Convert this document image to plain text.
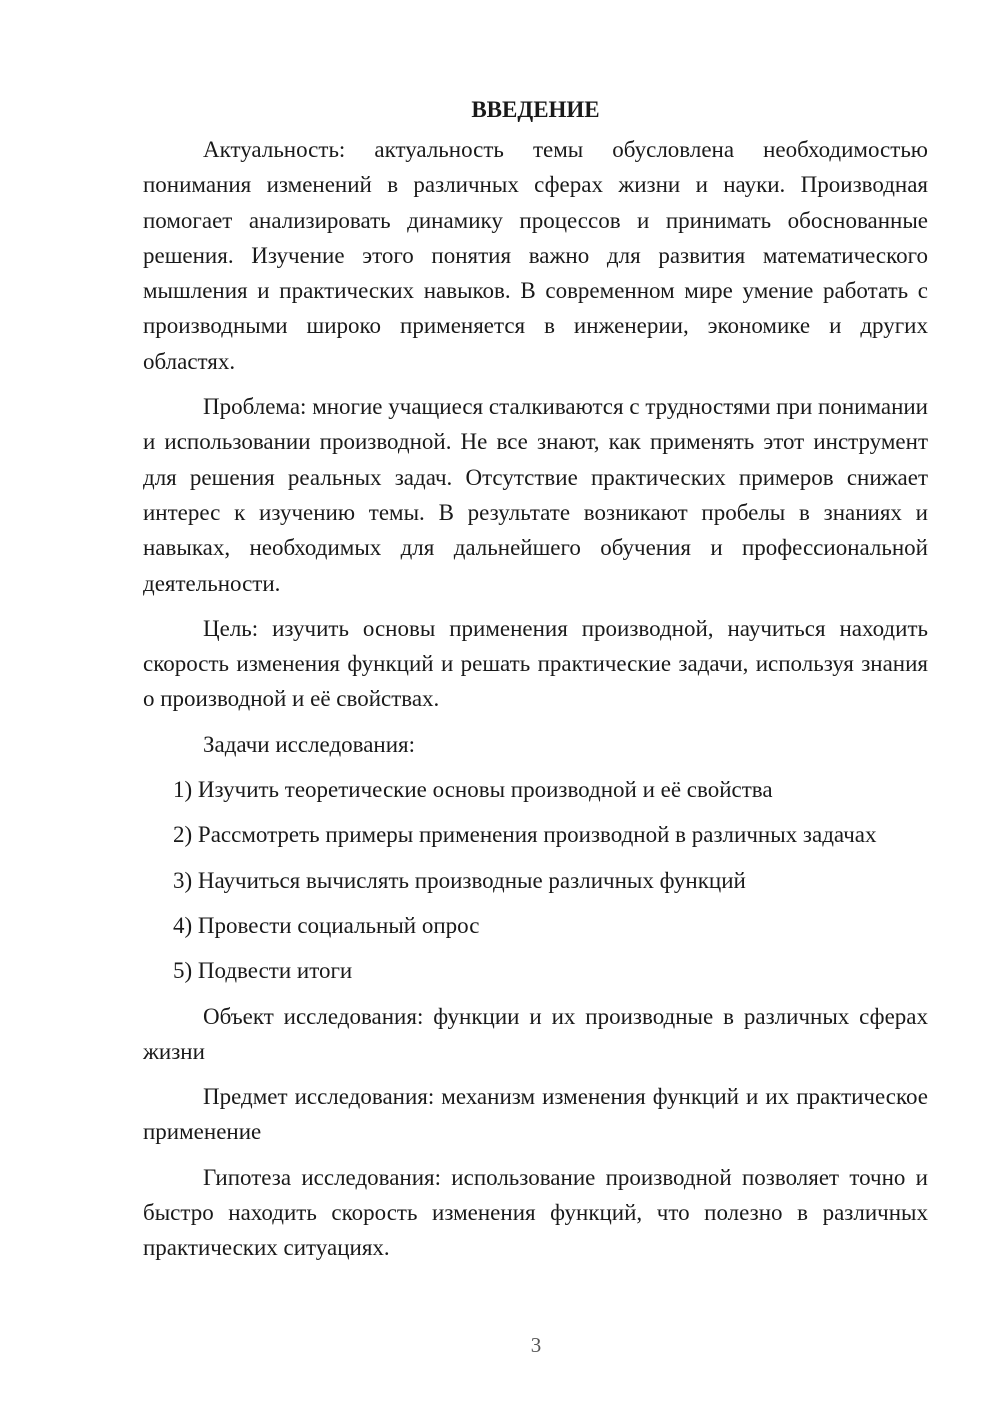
ВВЕДЕНИЕ

Актуальность: актуальность темы обусловлена необходимостью понимания изменений в различных сферах жизни и науки. Производная помогает анализировать динамику процессов и принимать обоснованные решения. Изучение этого понятия важно для развития математического мышления и практических навыков. В современном мире умение работать с производными широко применяется в инженерии, экономике и других областях.

Проблема: многие учащиеся сталкиваются с трудностями при понимании и использовании производной. Не все знают, как применять этот инструмент для решения реальных задач. Отсутствие практических примеров снижает интерес к изучению темы. В результате возникают пробелы в знаниях и навыках, необходимых для дальнейшего обучения и профессиональной деятельности.

Цель: изучить основы применения производной, научиться находить скорость изменения функций и решать практические задачи, используя знания о производной и её свойствах.

Задачи исследования:

1) Изучить теоретические основы производной и её свойства

2) Рассмотреть примеры применения производной в различных задачах

3) Научиться вычислять производные различных функций

4) Провести социальный опрос

5) Подвести итоги

Объект исследования: функции и их производные в различных сферах жизни

Предмет исследования: механизм изменения функций и их практическое применение

Гипотеза исследования: использование производной позволяет точно и быстро находить скорость изменения функций, что полезно в различных практических ситуациях.

3
